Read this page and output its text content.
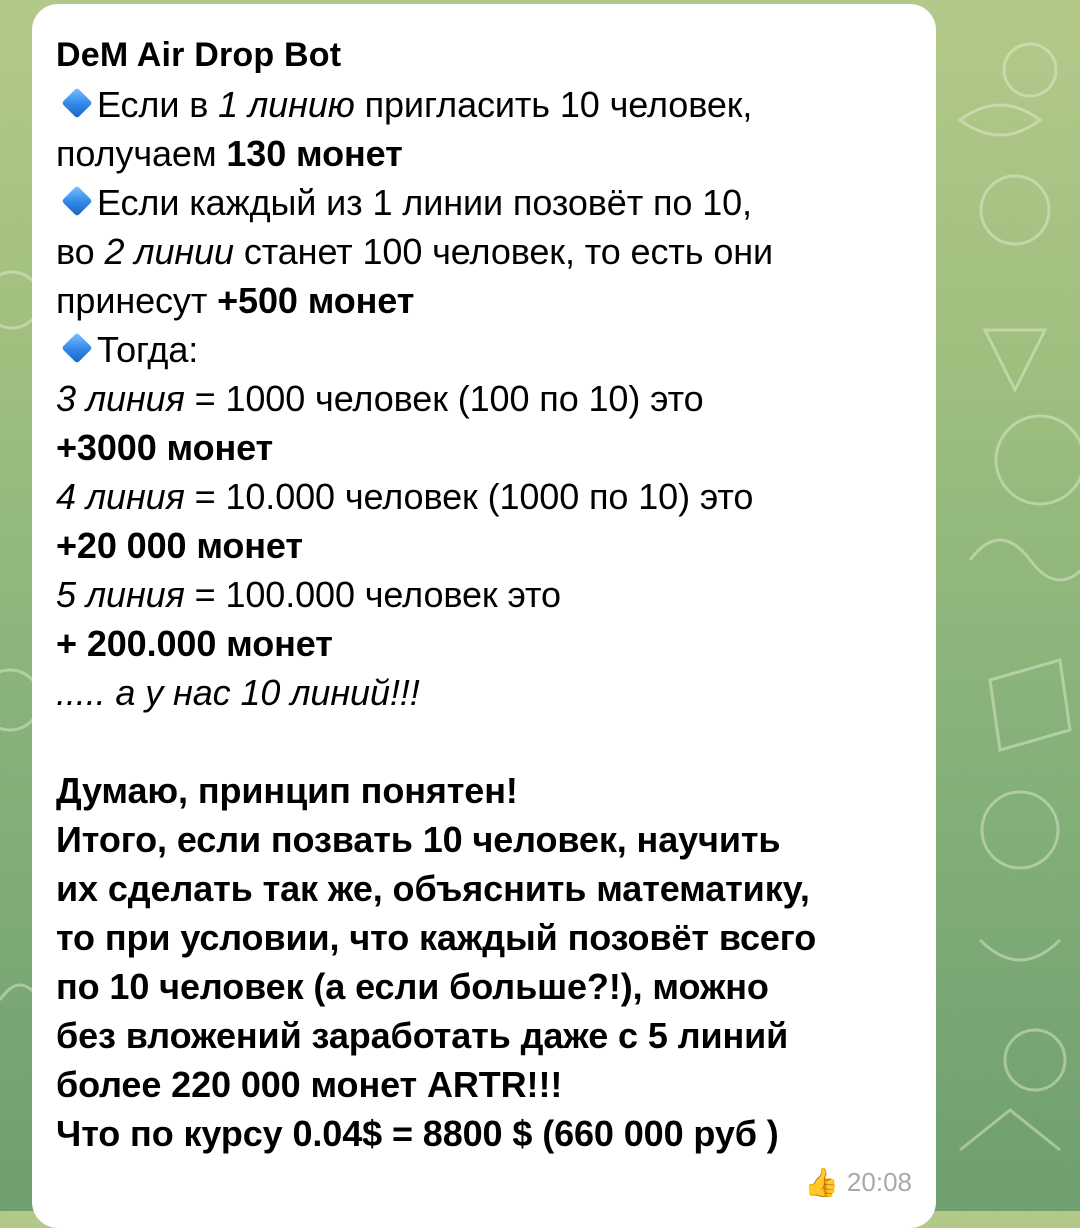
DeM Air Drop Bot
Если в 1 линию пригласить 10 человек,
получаем 130 монет
Если каждый из 1 линии позовёт по 10,
во 2 линии станет 100 человек, то есть они
принесут +500 монет
Тогда:
3 линия = 1000 человек (100 по 10) это
+3000 монет
4 линия = 10.000 человек (1000 по 10) это
+20 000 монет
5 линия = 100.000 человек это
+ 200.000 монет
..... а у нас 10 линий!!!
Думаю, принцип понятен!
Итого, если позвать 10 человек, научить
их сделать так же, объяснить математику,
то при условии, что каждый позовёт всего
по 10 человек (а если больше?!), можно
без вложений заработать даже с 5 линий
более 220 000 монет ARTR!!!
Что по курсу 0.04$ = 8800 $ (660 000 руб )
👍 20:08
